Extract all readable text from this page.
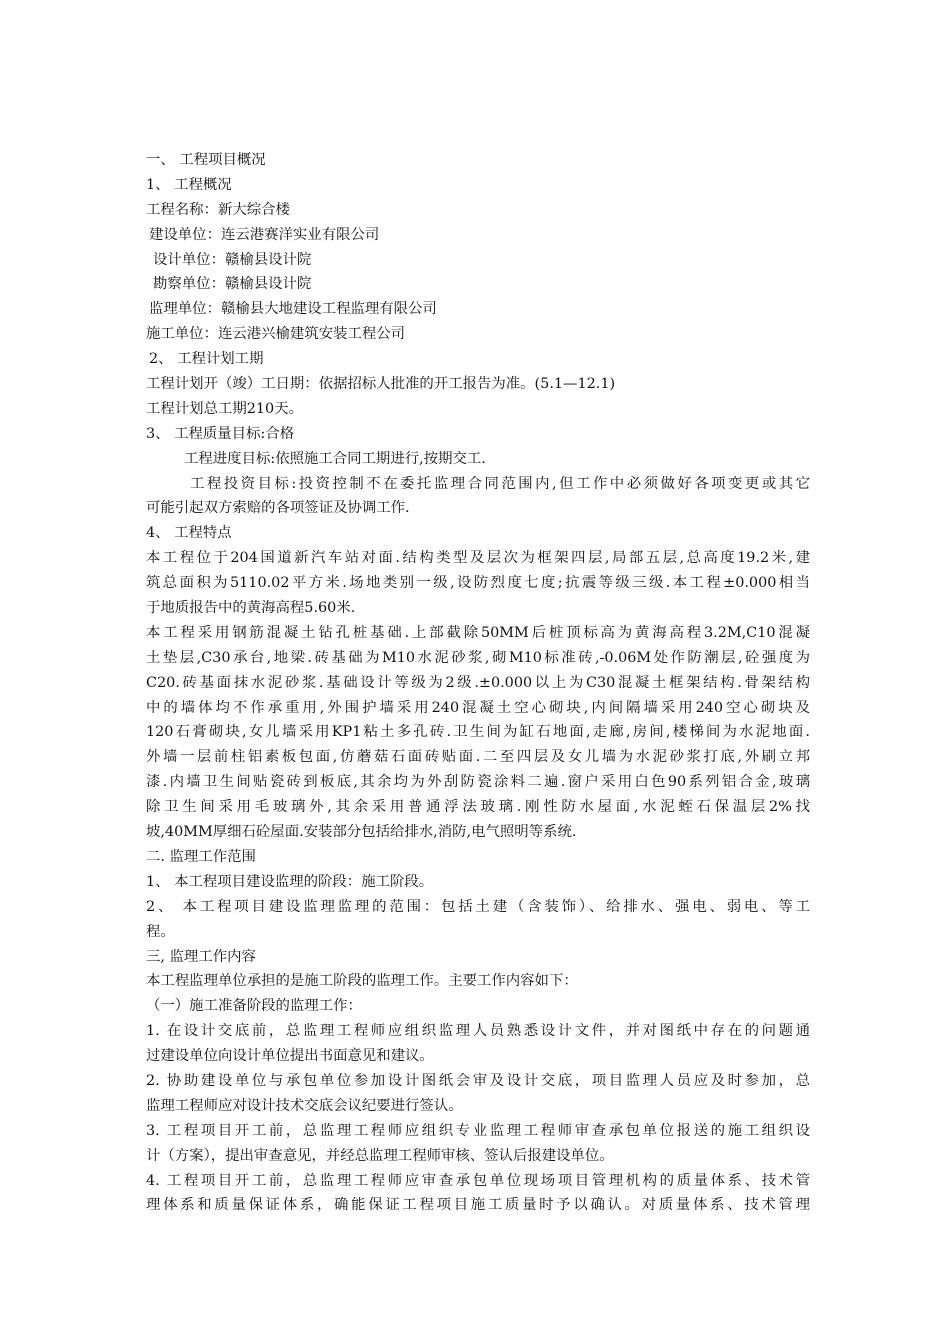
一、 工程项目概况

1、 工程概况

工程名称：新大综合楼

建设单位：连云港赛洋实业有限公司

设计单位：赣榆县设计院

勘察单位：赣榆县设计院

监理单位：赣榆县大地建设工程监理有限公司

施工单位：连云港兴榆建筑安装工程公司

2、 工程计划工期

工程计划开（竣）工日期：依据招标人批准的开工报告为准。(5.1—12.1)

工程计划总工期210天。

3、 工程质量目标:合格

工程进度目标:依照施工合同工期进行,按期交工.

工程投资目标:投资控制不在委托监理合同范围内,但工作中必须做好各项变更或其它

可能引起双方索赔的各项签证及协调工作.

4、 工程特点

本工程位于204国道新汽车站对面.结构类型及层次为框架四层,局部五层,总高度19.2米,建

筑总面积为5110.02平方米.场地类别一级,设防烈度七度;抗震等级三级.本工程±0.000相当

于地质报告中的黄海高程5.60米.

本工程采用钢筋混凝土钻孔桩基础.上部截除50MM后桩顶标高为黄海高程3.2M,C10混凝

土垫层,C30承台,地梁.砖基础为M10水泥砂浆,砌M10标准砖,-0.06M处作防潮层,砼强度为

C20.砖基面抹水泥砂浆.基础设计等级为2级.±0.000以上为C30混凝土框架结构.骨架结构

中的墙体均不作承重用,外围护墙采用240混凝土空心砌块,内间隔墙采用240空心砌块及

120石膏砌块,女儿墙采用KP1粘土多孔砖.卫生间为缸石地面,走廊,房间,楼梯间为水泥地面.

外墙一层前柱铝素板包面,仿蘑菇石面砖贴面.二至四层及女儿墙为水泥砂浆打底,外刷立邦

漆.内墙卫生间贴瓷砖到板底,其余均为外刮防瓷涂料二遍.窗户采用白色90系列铝合金,玻璃

除卫生间采用毛玻璃外,其余采用普通浮法玻璃.刚性防水屋面,水泥蛭石保温层2%找

坡,40MM厚细石砼屋面.安装部分包括给排水,消防,电气照明等系统.

二. 监理工作范围

1、 本工程项目建设监理的阶段：施工阶段。

2、 本工程项目建设监理监理的范围：包括土建（含装饰）、给排水、强电、弱电、等工

程。

三, 监理工作内容

本工程监理单位承担的是施工阶段的监理工作。主要工作内容如下：

（一）施工准备阶段的监理工作：

1. 在设计交底前，总监理工程师应组织监理人员熟悉设计文件，并对图纸中存在的问题通

过建设单位向设计单位提出书面意见和建议。

2. 协助建设单位与承包单位参加设计图纸会审及设计交底，项目监理人员应及时参加，总

监理工程师应对设计技术交底会议纪要进行签认。

3. 工程项目开工前，总监理工程师应组织专业监理工程师审查承包单位报送的施工组织设

计（方案），提出审查意见，并经总监理工程师审核、签认后报建设单位。

4. 工程项目开工前，总监理工程师应审查承包单位现场项目管理机构的质量体系、技术管

理体系和质量保证体系，确能保证工程项目施工质量时予以确认。对质量体系、技术管理
